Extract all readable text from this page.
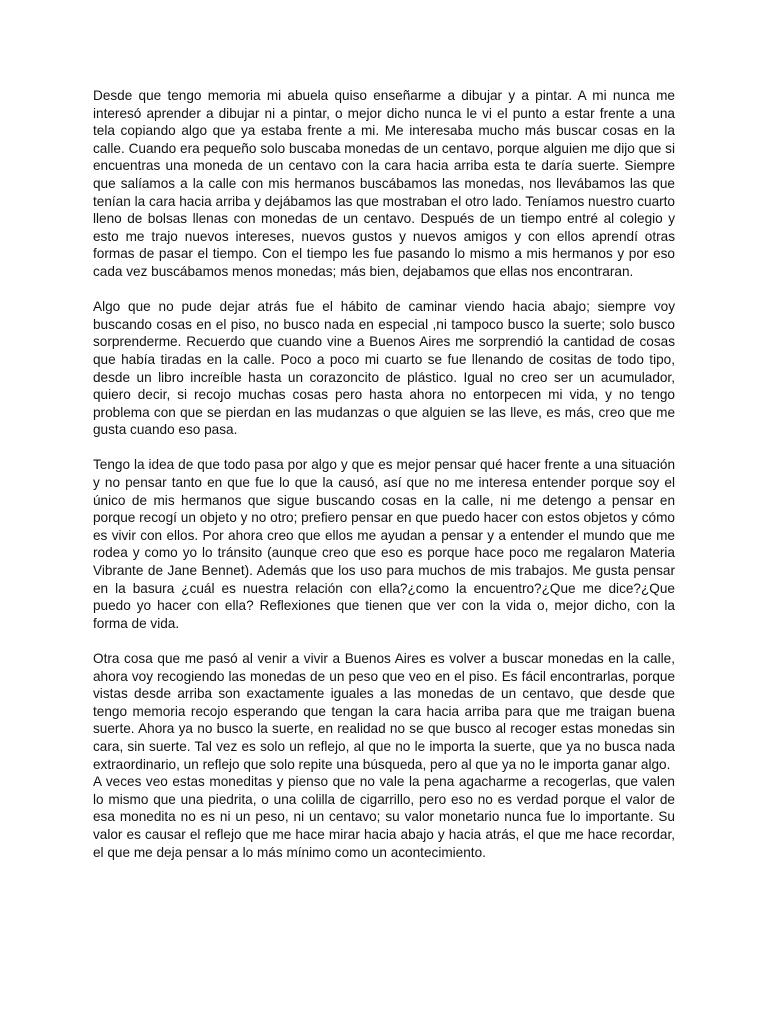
Desde que tengo memoria mi abuela quiso enseñarme a dibujar y a pintar. A mi nunca me interesó aprender a dibujar ni a pintar, o mejor dicho nunca le vi el punto a estar frente a una tela copiando algo que ya estaba frente a mi. Me interesaba mucho más buscar cosas en la calle. Cuando era pequeño solo buscaba monedas de un centavo, porque alguien me dijo que si encuentras una moneda de un centavo con la cara hacia arriba esta te daría suerte. Siempre que salíamos a la calle con mis hermanos buscábamos las monedas, nos llevábamos las que tenían la cara hacia arriba y dejábamos las que mostraban el otro lado. Teníamos nuestro cuarto lleno de bolsas llenas con monedas de un centavo. Después de un tiempo entré al colegio y esto me trajo nuevos intereses, nuevos gustos y nuevos amigos y con ellos aprendí otras formas de pasar el tiempo. Con el tiempo les fue pasando lo mismo a mis hermanos y por eso cada vez buscábamos menos monedas; más bien, dejabamos que ellas nos encontraran.

Algo que no pude dejar atrás fue el hábito de caminar viendo hacia abajo; siempre voy buscando cosas en el piso, no busco nada en especial ,ni tampoco busco la suerte; solo busco sorprenderme. Recuerdo que cuando vine a Buenos Aires me sorprendió la cantidad de cosas que había tiradas en la calle. Poco a poco mi cuarto se fue llenando de cositas de todo tipo, desde un libro increíble hasta un corazoncito de plástico. Igual no creo ser un acumulador, quiero decir, si recojo muchas cosas pero hasta ahora no entorpecen mi vida, y no tengo problema con que se pierdan en las mudanzas o que alguien se las lleve, es más, creo que me gusta cuando eso pasa.

Tengo la idea de que todo pasa por algo y que es mejor pensar qué hacer frente a una situación y no pensar tanto en que fue lo que la causó, así que no me interesa entender porque soy el único de mis hermanos que sigue buscando cosas en la calle, ni me detengo a pensar en porque recogí un objeto y no otro; prefiero pensar en que puedo hacer con estos objetos y cómo es vivir con ellos. Por ahora creo que ellos me ayudan a pensar y a entender el mundo que me rodea y como yo lo tránsito (aunque creo que eso es porque hace poco me regalaron Materia Vibrante de Jane Bennet). Además que los uso para muchos de mis trabajos. Me gusta pensar en la basura ¿cuál es nuestra relación con ella?¿como la encuentro?¿Que me dice?¿Que puedo yo hacer con ella? Reflexiones que tienen que ver con la vida o, mejor dicho, con la forma de vida.

Otra cosa que me pasó al venir a vivir a Buenos Aires es volver a buscar monedas en la calle, ahora voy recogiendo las monedas de un peso que veo en el piso. Es fácil encontrarlas, porque vistas desde arriba son exactamente iguales a las monedas de un centavo, que desde que tengo memoria recojo esperando que tengan la cara hacia arriba para que me traigan buena suerte. Ahora ya no busco la suerte, en realidad no se que busco al recoger estas monedas sin cara, sin suerte. Tal vez es solo un reflejo, al que no le importa la suerte, que ya no busca nada extraordinario, un reflejo que solo repite una búsqueda, pero al que ya no le importa ganar algo.

A veces veo estas moneditas y pienso que no vale la pena agacharme a recogerlas, que valen lo mismo que una piedrita, o una colilla de cigarrillo, pero eso no es verdad porque el valor de esa monedita no es ni un peso, ni un centavo; su valor monetario nunca fue lo importante. Su valor es causar el reflejo que me hace mirar hacia abajo y hacia atrás, el que me hace recordar, el que me deja pensar a lo más mínimo como un acontecimiento.
